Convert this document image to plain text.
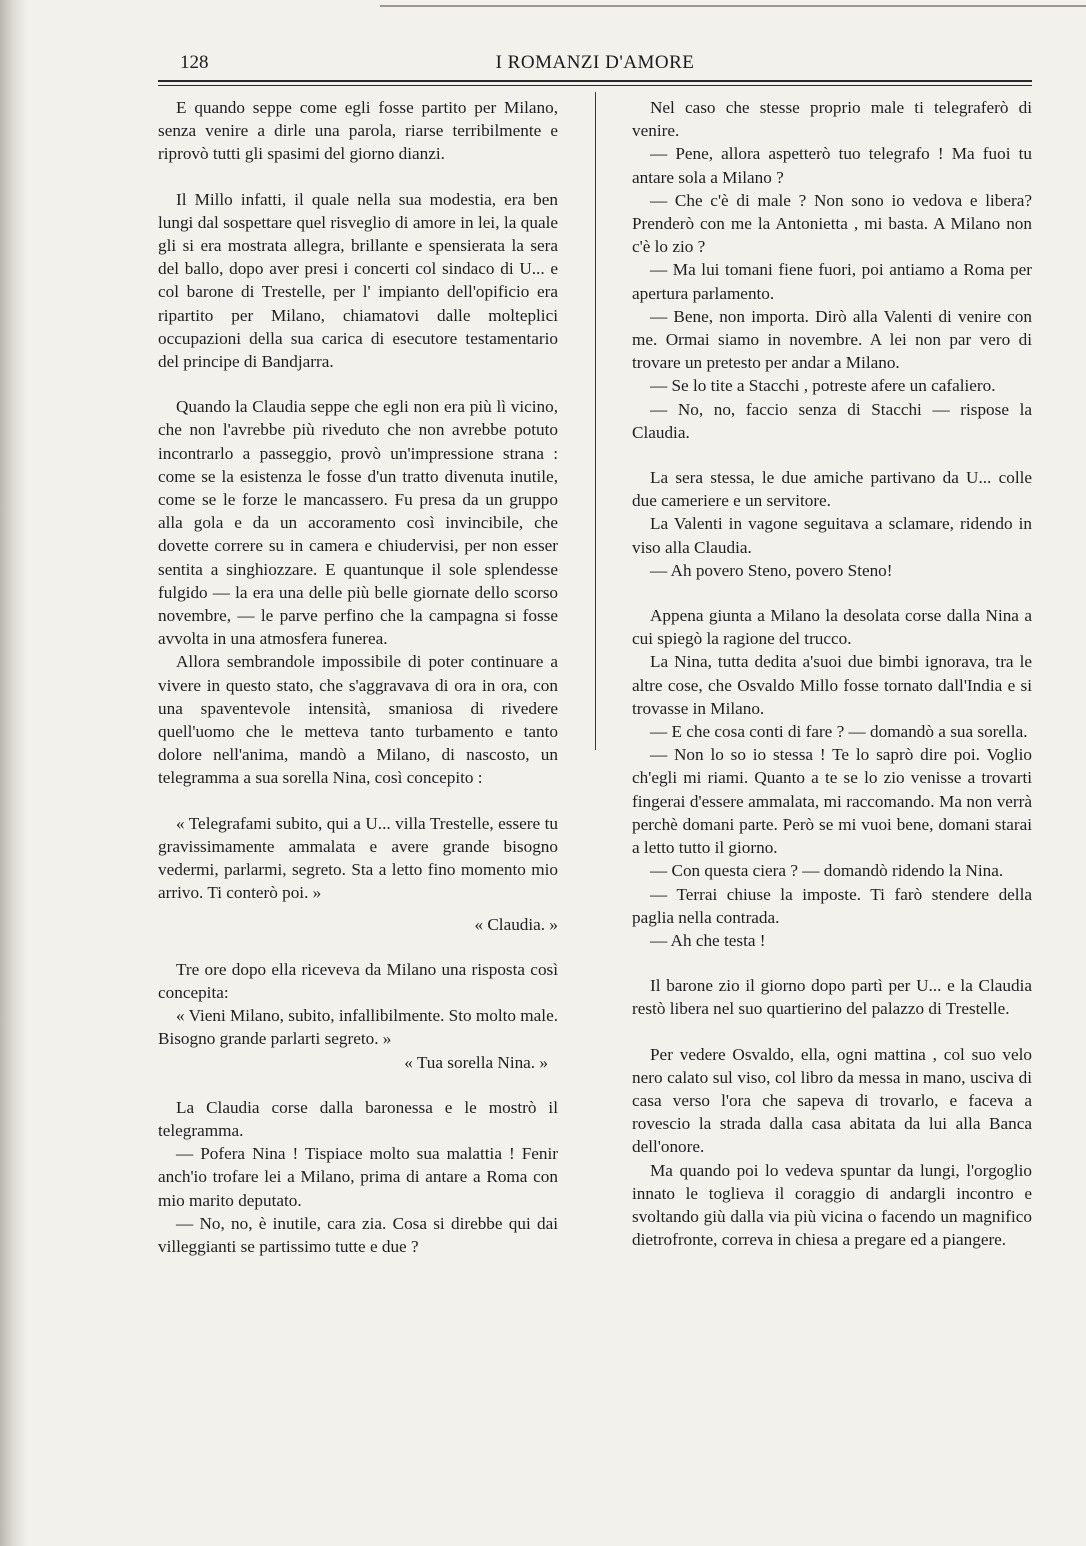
128	I ROMANZI D'AMORE

E quando seppe come egli fosse partito per Milano, senza venire a dirle una parola, riarse terribilmente e riprovò tutti gli spasimi del giorno dianzi.

Il Millo infatti, il quale nella sua modestia, era ben lungi dal sospettare quel risveglio di amore in lei, la quale gli si era mostrata allegra, brillante e spensierata la sera del ballo, dopo aver presi i concerti col sindaco di U... e col barone di Trestelle, per l' impianto dell'opificio era ripartito per Milano, chiamatovi dalle molteplici occupazioni della sua carica di esecutore testamentario del principe di Bandjarra.

Quando la Claudia seppe che egli non era più lì vicino, che non l'avrebbe più riveduto che non avrebbe potuto incontrarlo a passeggio, provò un'impressione strana : come se la esistenza le fosse d'un tratto divenuta inutile, come se le forze le mancassero. Fu presa da un gruppo alla gola e da un accoramento così invincibile, che dovette correre su in camera e chiudervisi, per non esser sentita a singhiozzare. E quantunque il sole splendesse fulgido — la era una delle più belle giornate dello scorso novembre, — le parve perfino che la campagna si fosse avvolta in una atmosfera funerea.

Allora sembrandole impossibile di poter continuare a vivere in questo stato, che s'aggravava di ora in ora, con una spaventevole intensità, smaniosa di rivedere quell'uomo che le metteva tanto turbamento e tanto dolore nell'anima, mandò a Milano, di nascosto, un telegramma a sua sorella Nina, così concepito :

« Telegrafami subito, qui a U... villa Trestelle, essere tu gravissimamente ammalata e avere grande bisogno vedermi, parlarmi, segreto. Sta a letto fino momento mio arrivo. Ti conterò poi. »

« Claudia. »

Tre ore dopo ella riceveva da Milano una risposta così concepita:

« Vieni Milano, subito, infallibilmente. Sto molto male. Bisogno grande parlarti segreto. »

« Tua sorella Nina. »

La Claudia corse dalla baronessa e le mostrò il telegramma.

— Pofera Nina ! Tispiace molto sua malattia ! Fenir anch'io trofare lei a Milano, prima di antare a Roma con mio marito deputato.

— No, no, è inutile, cara zia. Cosa si direbbe qui dai villeggianti se partissimo tutte e due ?

Nel caso che stesse proprio male ti telegraferò di venire.

— Pene, allora aspetterò tuo telegrafo ! Ma fuoi tu antare sola a Milano ?

— Che c'è di male ? Non sono io vedova e libera? Prenderò con me la Antonietta , mi basta. A Milano non c'è lo zio ?

— Ma lui tomani fiene fuori, poi antiamo a Roma per apertura parlamento.

— Bene, non importa. Dirò alla Valenti di venire con me. Ormai siamo in novembre. A lei non par vero di trovare un pretesto per andar a Milano.

— Se lo tite a Stacchi , potreste afere un cafaliero.

— No, no, faccio senza di Stacchi — rispose la Claudia.

La sera stessa, le due amiche partivano da U... colle due cameriere e un servitore.

La Valenti in vagone seguitava a sclamare, ridendo in viso alla Claudia.

— Ah povero Steno, povero Steno!

Appena giunta a Milano la desolata corse dalla Nina a cui spiegò la ragione del trucco.

La Nina, tutta dedita a'suoi due bimbi ignorava, tra le altre cose, che Osvaldo Millo fosse tornato dall'India e si trovasse in Milano.

— E che cosa conti di fare ? — domandò a sua sorella.

— Non lo so io stessa ! Te lo saprò dire poi. Voglio ch'egli mi riami. Quanto a te se lo zio venisse a trovarti fingerai d'essere ammalata, mi raccomando. Ma non verrà perchè domani parte. Però se mi vuoi bene, domani starai a letto tutto il giorno.

— Con questa ciera ? — domandò ridendo la Nina.

— Terrai chiuse la imposte. Ti farò stendere della paglia nella contrada.

— Ah che testa !

Il barone zio il giorno dopo partì per U... e la Claudia restò libera nel suo quartierino del palazzo di Trestelle.

Per vedere Osvaldo, ella, ogni mattina , col suo velo nero calato sul viso, col libro da messa in mano, usciva di casa verso l'ora che sapeva di trovarlo, e faceva a rovescio la strada dalla casa abitata da lui alla Banca dell'onore.

Ma quando poi lo vedeva spuntar da lungi, l'orgoglio innato le toglieva il coraggio di andargli incontro e svoltando giù dalla via più vicina o facendo un magnifico dietrofronte, correva in chiesa a pregare ed a piangere.
